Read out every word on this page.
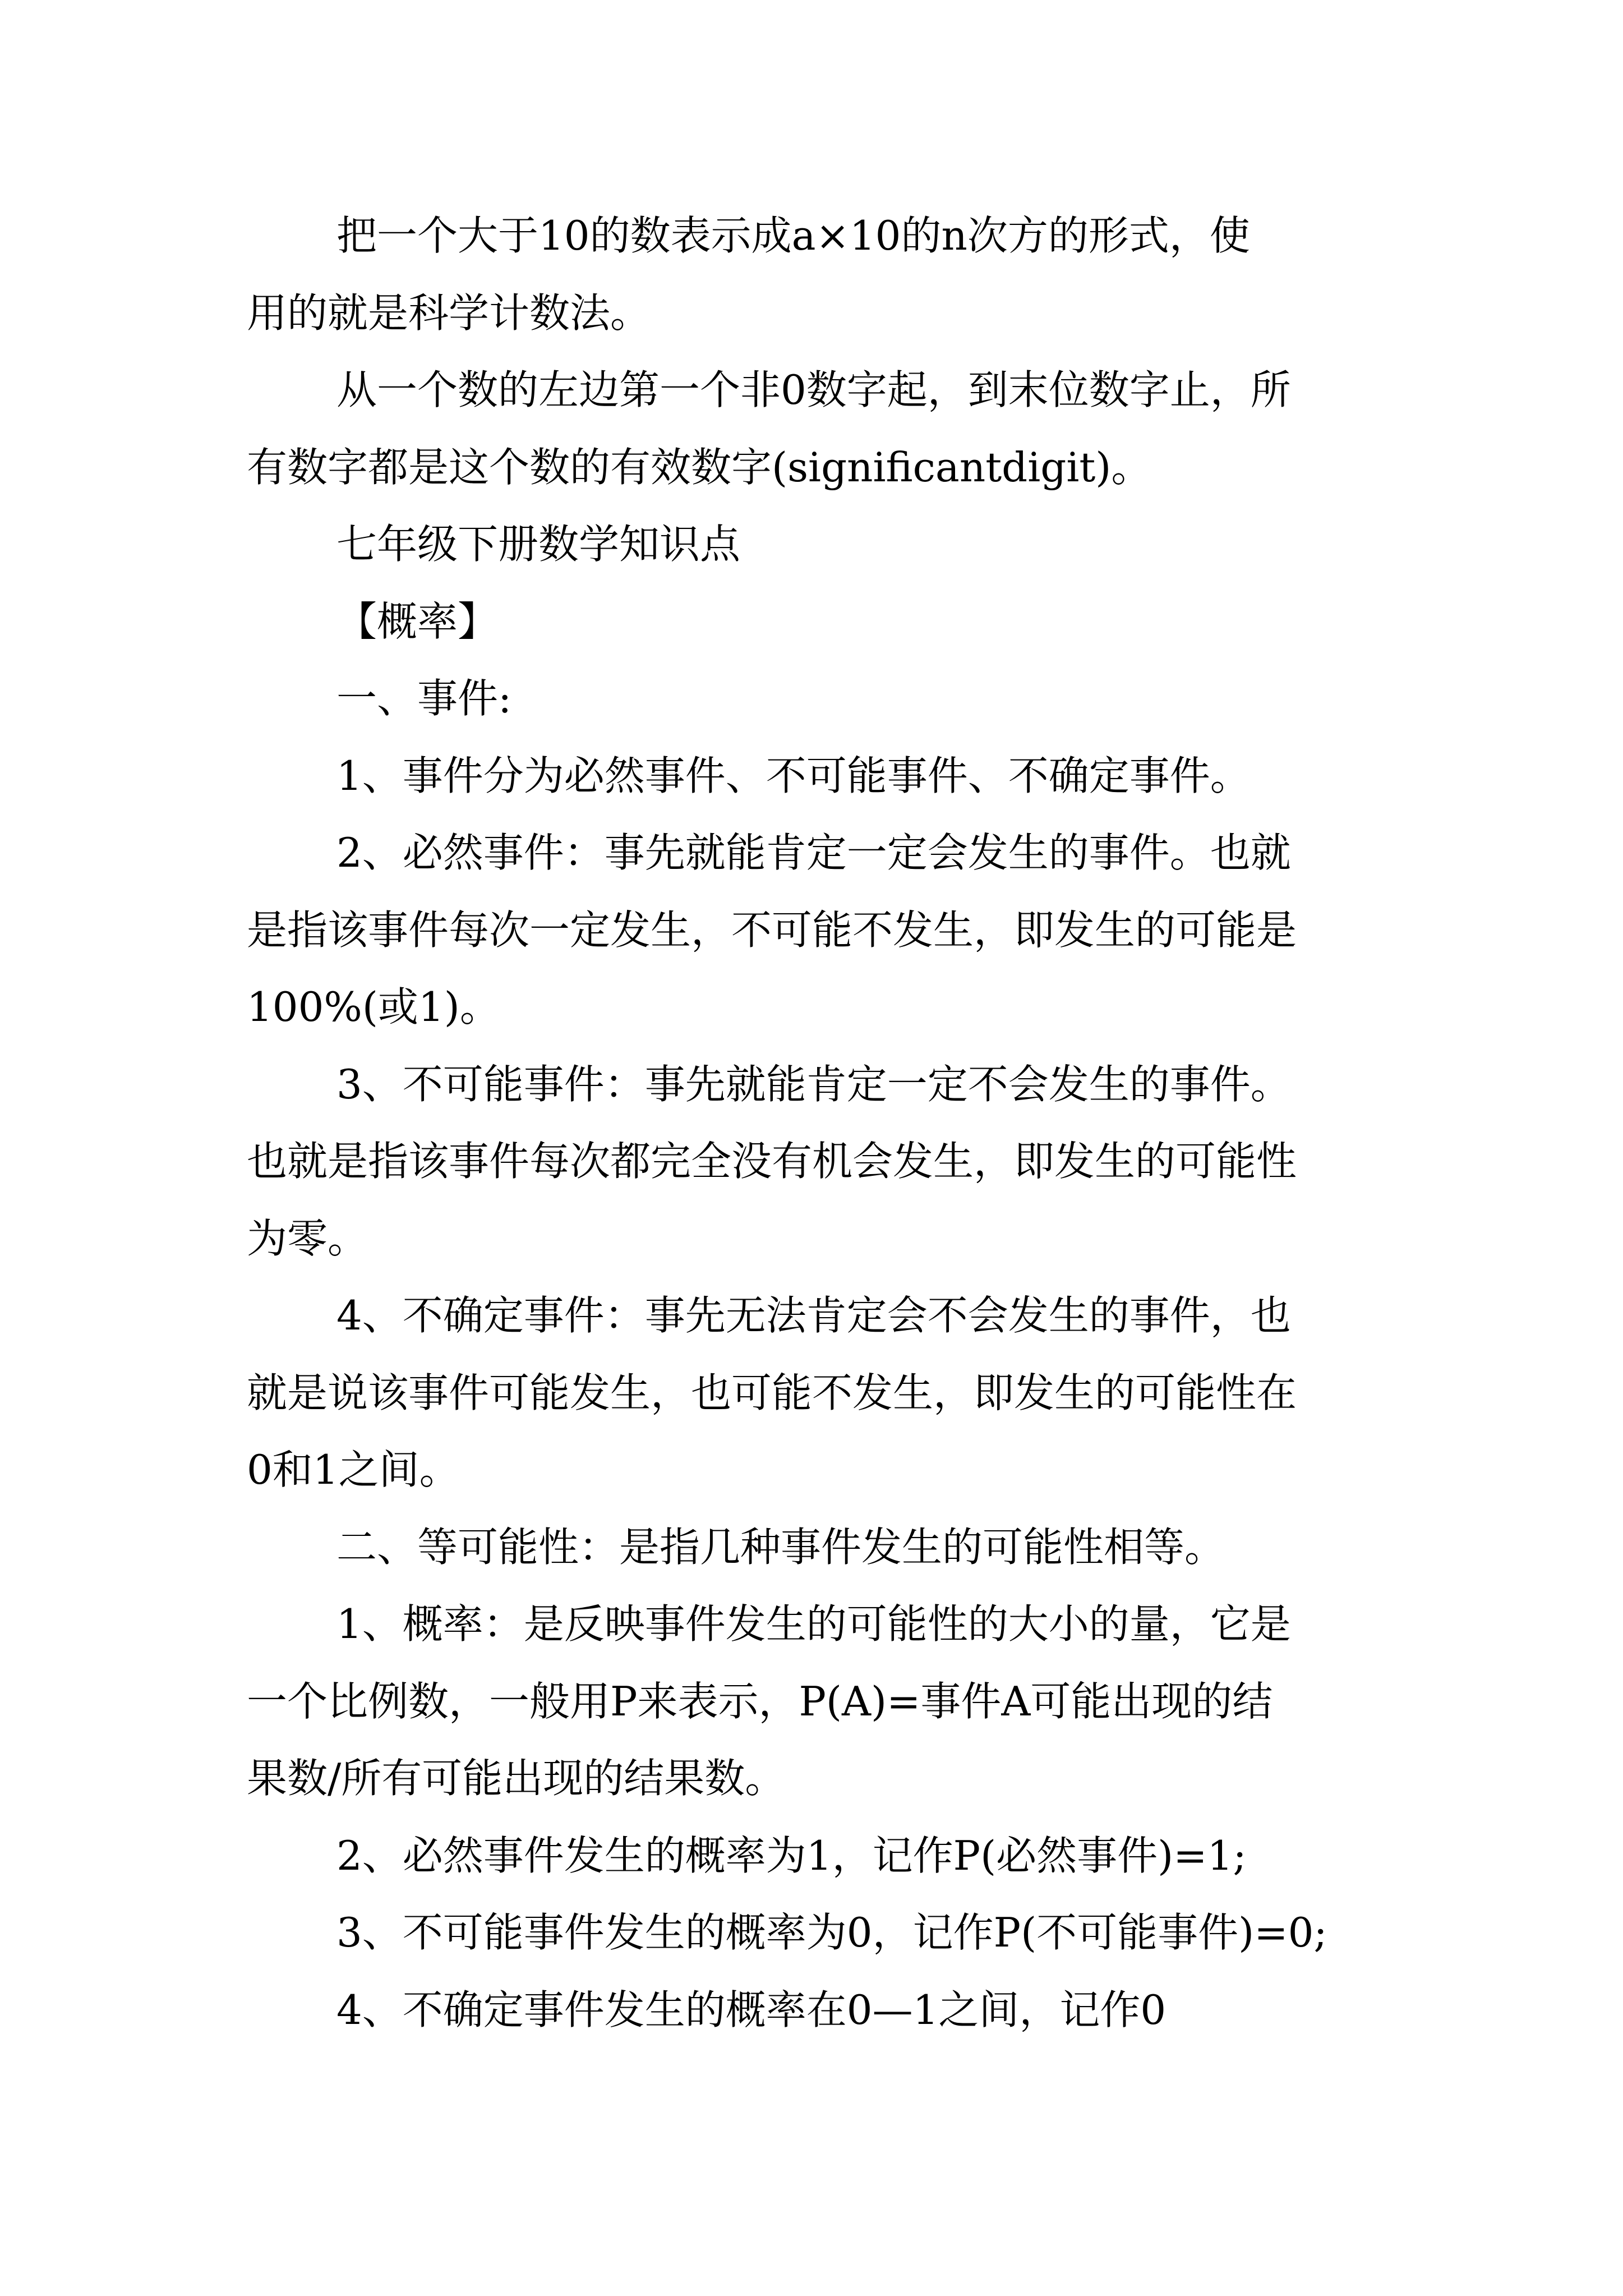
把一个大于10的数表示成a×10的n次方的形式，使
用的就是科学计数法。
从一个数的左边第一个非0数字起，到末位数字止，所
有数字都是这个数的有效数字(significantdigit)。
七年级下册数学知识点
【概率】
一、事件:
1、事件分为必然事件、不可能事件、不确定事件。
2、必然事件：事先就能肯定一定会发生的事件。也就
是指该事件每次一定发生，不可能不发生，即发生的可能是
100%(或1)。
3、不可能事件：事先就能肯定一定不会发生的事件。
也就是指该事件每次都完全没有机会发生，即发生的可能性
为零。
4、不确定事件：事先无法肯定会不会发生的事件，也
就是说该事件可能发生，也可能不发生，即发生的可能性在
0和1之间。
二、等可能性：是指几种事件发生的可能性相等。
1、概率：是反映事件发生的可能性的大小的量，它是
一个比例数，一般用P来表示，P(A)=事件A可能出现的结
果数/所有可能出现的结果数。
2、必然事件发生的概率为1，记作P(必然事件)=1;
3、不可能事件发生的概率为0，记作P(不可能事件)=0;
4、不确定事件发生的概率在0—1之间，记作0
